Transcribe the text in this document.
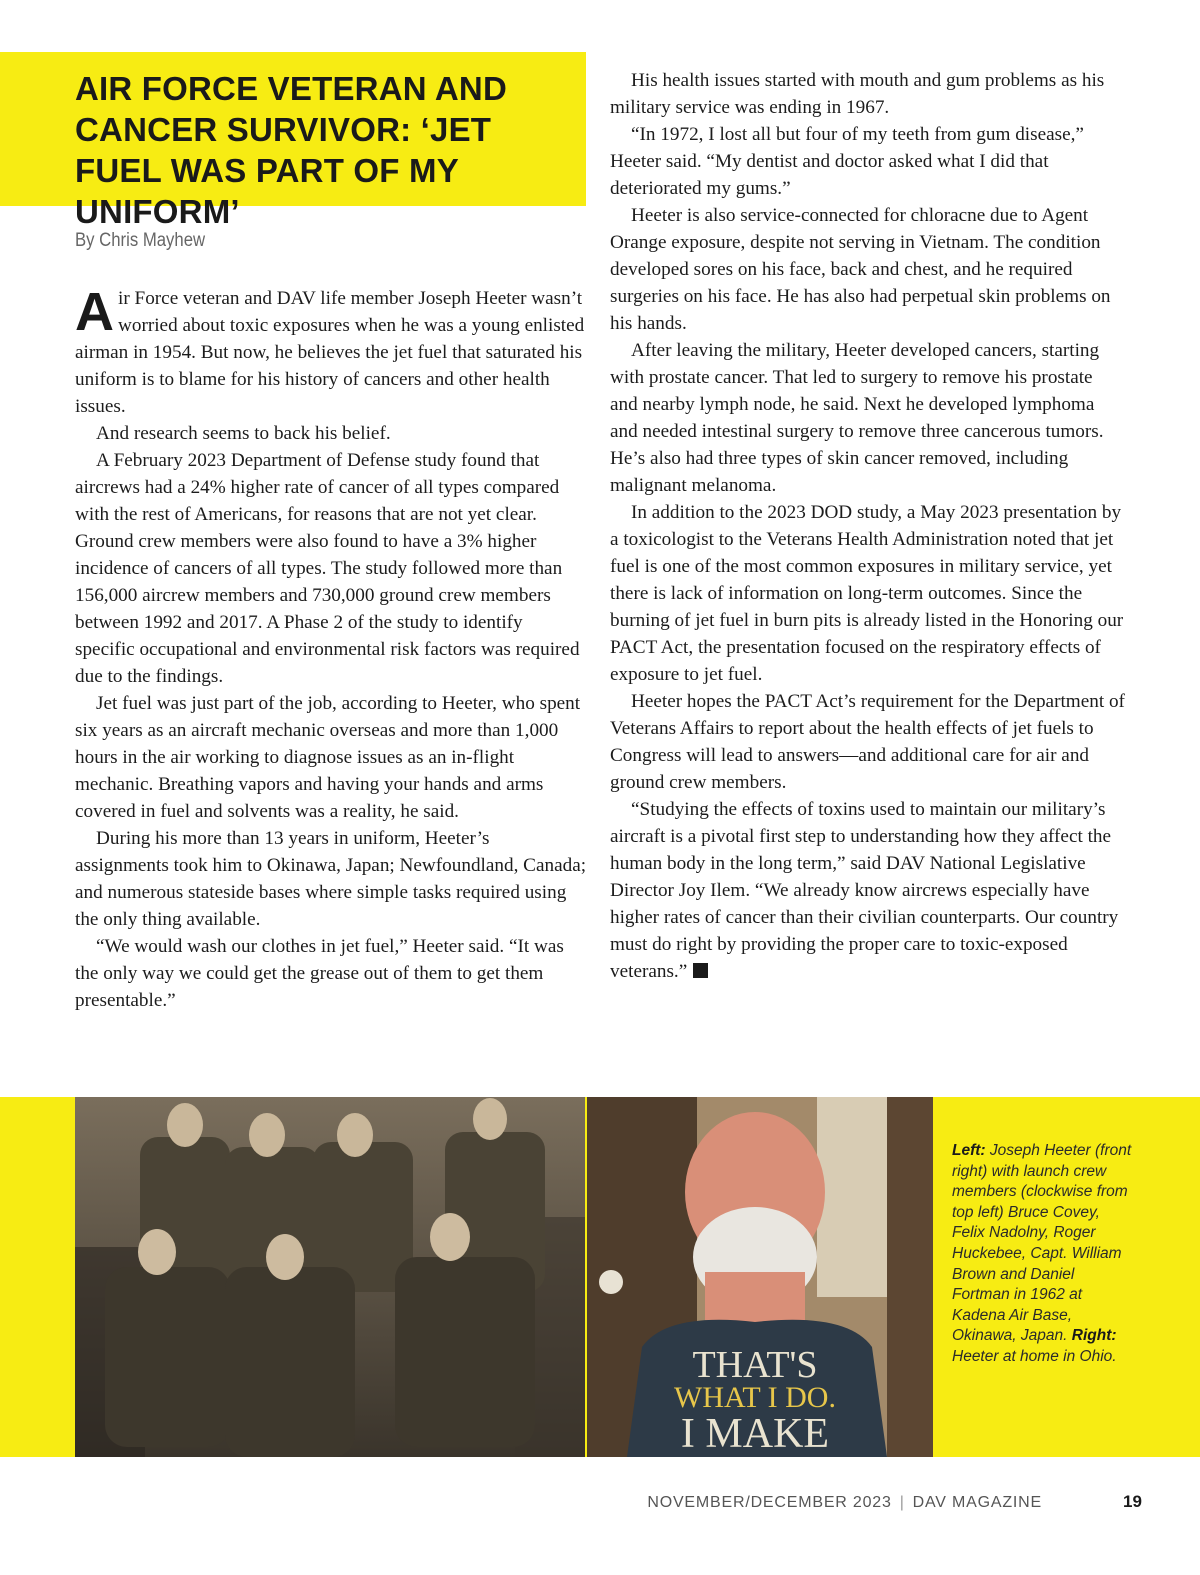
AIR FORCE VETERAN AND CANCER SURVIVOR: ‘JET FUEL WAS PART OF MY UNIFORM’
By Chris Mayhew

Air Force veteran and DAV life member Joseph Heeter wasn’t worried about toxic exposures when he was a young enlisted airman in 1954. But now, he believes the jet fuel that saturated his uniform is to blame for his history of cancers and other health issues.

And research seems to back his belief.

A February 2023 Department of Defense study found that aircrews had a 24% higher rate of cancer of all types compared with the rest of Americans, for reasons that are not yet clear. Ground crew members were also found to have a 3% higher incidence of cancers of all types. The study followed more than 156,000 aircrew members and 730,000 ground crew members between 1992 and 2017. A Phase 2 of the study to identify specific occupational and environmental risk factors was required due to the findings.

Jet fuel was just part of the job, according to Heeter, who spent six years as an aircraft mechanic overseas and more than 1,000 hours in the air working to diagnose issues as an in-flight mechanic. Breathing vapors and having your hands and arms covered in fuel and solvents was a reality, he said.

During his more than 13 years in uniform, Heeter’s assignments took him to Okinawa, Japan; Newfoundland, Canada; and numerous stateside bases where simple tasks required using the only thing available.

“We would wash our clothes in jet fuel,” Heeter said. “It was the only way we could get the grease out of them to get them presentable.”

His health issues started with mouth and gum problems as his military service was ending in 1967.

“In 1972, I lost all but four of my teeth from gum disease,” Heeter said. “My dentist and doctor asked what I did that deteriorated my gums.”

Heeter is also service-connected for chloracne due to Agent Orange exposure, despite not serving in Vietnam. The condition developed sores on his face, back and chest, and he required surgeries on his face. He has also had perpetual skin problems on his hands.

After leaving the military, Heeter developed cancers, starting with prostate cancer. That led to surgery to remove his prostate and nearby lymph node, he said. Next he developed lymphoma and needed intestinal surgery to remove three cancerous tumors. He’s also had three types of skin cancer removed, including malignant melanoma.

In addition to the 2023 DOD study, a May 2023 presentation by a toxicologist to the Veterans Health Administration noted that jet fuel is one of the most common exposures in military service, yet there is lack of information on long-term outcomes. Since the burning of jet fuel in burn pits is already listed in the Honoring our PACT Act, the presentation focused on the respiratory effects of exposure to jet fuel.

Heeter hopes the PACT Act’s requirement for the Department of Veterans Affairs to report about the health effects of jet fuels to Congress will lead to answers—and additional care for air and ground crew members.

“Studying the effects of toxins used to maintain our military’s aircraft is a pivotal first step to understanding how they affect the human body in the long term,” said DAV National Legislative Director Joy Ilem. “We already know aircrews especially have higher rates of cancer than their civilian counterparts. Our country must do right by providing the proper care to toxic-exposed veterans.”

THAT'S
WHAT I DO.
I MAKE
Left: Joseph Heeter (front right) with launch crew members (clockwise from top left) Bruce Covey, Felix Nadolny, Roger Huckebee, Capt. William Brown and Daniel Fortman in 1962 at Kadena Air Base, Okinawa, Japan. Right: Heeter at home in Ohio.
NOVEMBER/DECEMBER 2023 | DAV MAGAZINE	19
